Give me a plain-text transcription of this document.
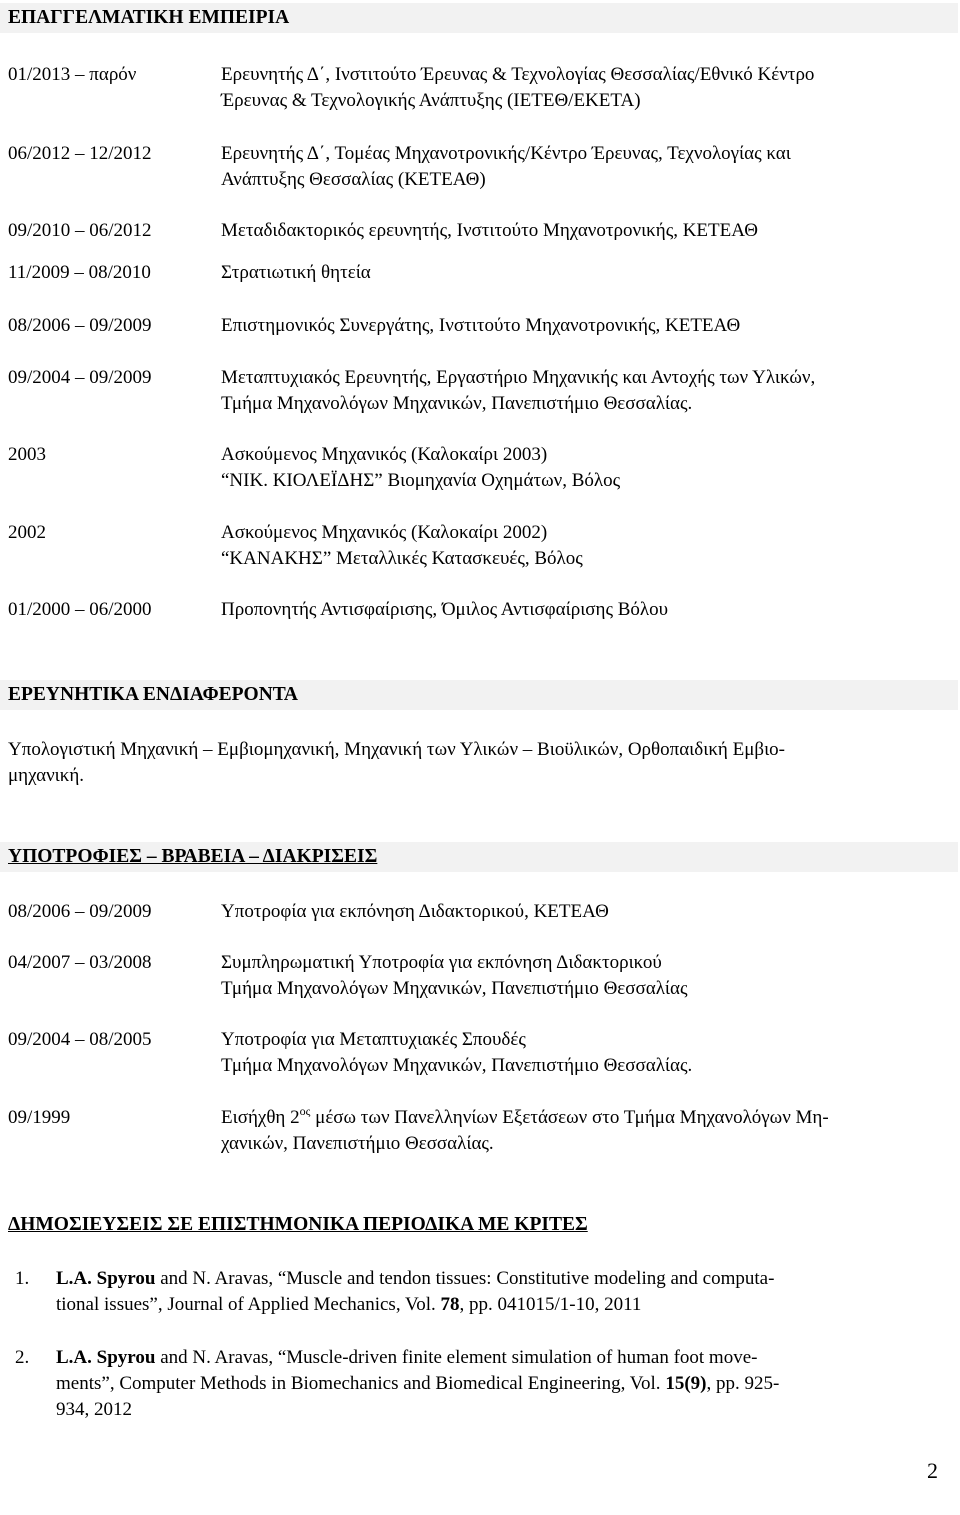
ΕΠΑΓΓΕΛΜΑΤΙΚΗ ΕΜΠΕΙΡΙΑ
01/2013 – παρόν	Ερευνητής Δ΄, Ινστιτούτο Έρευνας & Τεχνολογίας Θεσσαλίας/Εθνικό Κέντρο
Έρευνας & Τεχνολογικής Ανάπτυξης (ΙΕΤΕΘ/ΕΚΕΤΑ)
06/2012 – 12/2012	Ερευνητής Δ΄, Τομέας Μηχανοτρονικής/Κέντρο Έρευνας, Τεχνολογίας και
Ανάπτυξης Θεσσαλίας (ΚΕΤΕΑΘ)
09/2010 – 06/2012	Μεταδιδακτορικός ερευνητής, Ινστιτούτο Μηχανοτρονικής, ΚΕΤΕΑΘ
11/2009 – 08/2010	Στρατιωτική θητεία
08/2006 – 09/2009	Επιστημονικός Συνεργάτης, Ινστιτούτο Μηχανοτρονικής, ΚΕΤΕΑΘ
09/2004 – 09/2009	Μεταπτυχιακός Ερευνητής, Εργαστήριο Μηχανικής και Αντοχής των Υλικών,
Τμήμα Μηχανολόγων Μηχανικών, Πανεπιστήμιο Θεσσαλίας.
2003	Ασκούμενος Μηχανικός (Καλοκαίρι 2003)
“ΝΙΚ. ΚΙΟΛΕΪΔΗΣ” Βιομηχανία Οχημάτων, Βόλος
2002	Ασκούμενος Μηχανικός (Καλοκαίρι 2002)
“ΚΑΝΑΚΗΣ” Μεταλλικές Κατασκευές, Βόλος
01/2000 – 06/2000	Προπονητής Αντισφαίρισης, Όμιλος Αντισφαίρισης Βόλου
ΕΡΕΥΝΗΤΙΚΑ ΕΝΔΙΑΦΕΡΟΝΤΑ
Υπολογιστική Μηχανική – Εμβιομηχανική, Μηχανική των Υλικών – Βιοϋλικών, Ορθοπαιδική Εμβιο-
μηχανική.
ΥΠΟΤΡΟΦΙΕΣ – ΒΡΑΒΕΙΑ – ΔΙΑΚΡΙΣΕΙΣ
08/2006 – 09/2009	Υποτροφία για εκπόνηση Διδακτορικού, ΚΕΤΕΑΘ
04/2007 – 03/2008	Συμπληρωματική Υποτροφία για εκπόνηση Διδακτορικού
Τμήμα Μηχανολόγων Μηχανικών, Πανεπιστήμιο Θεσσαλίας
09/2004 – 08/2005	Υποτροφία για Μεταπτυχιακές Σπουδές
Τμήμα Μηχανολόγων Μηχανικών, Πανεπιστήμιο Θεσσαλίας.
09/1999	Εισήχθη $2^{o\varsigma}$ μέσω των Πανελληνίων Εξετάσεων στο Τμήμα Μηχανολόγων Μη-
χανικών, Πανεπιστήμιο Θεσσαλίας.
ΔΗΜΟΣΙΕΥΣΕΙΣ ΣΕ ΕΠΙΣΤΗΜΟΝΙΚΑ ΠΕΡΙΟΔΙΚΑ ΜΕ ΚΡΙΤΕΣ
1. L.A. Spyrou and N. Aravas, “Muscle and tendon tissues: Constitutive modeling and computa-
tional issues”, Journal of Applied Mechanics, Vol. 78, pp. 041015/1-10, 2011
2. L.A. Spyrou and N. Aravas, “Muscle-driven finite element simulation of human foot move-
ments”, Computer Methods in Biomechanics and Biomedical Engineering, Vol. 15(9), pp. 925-
934, 2012
2
